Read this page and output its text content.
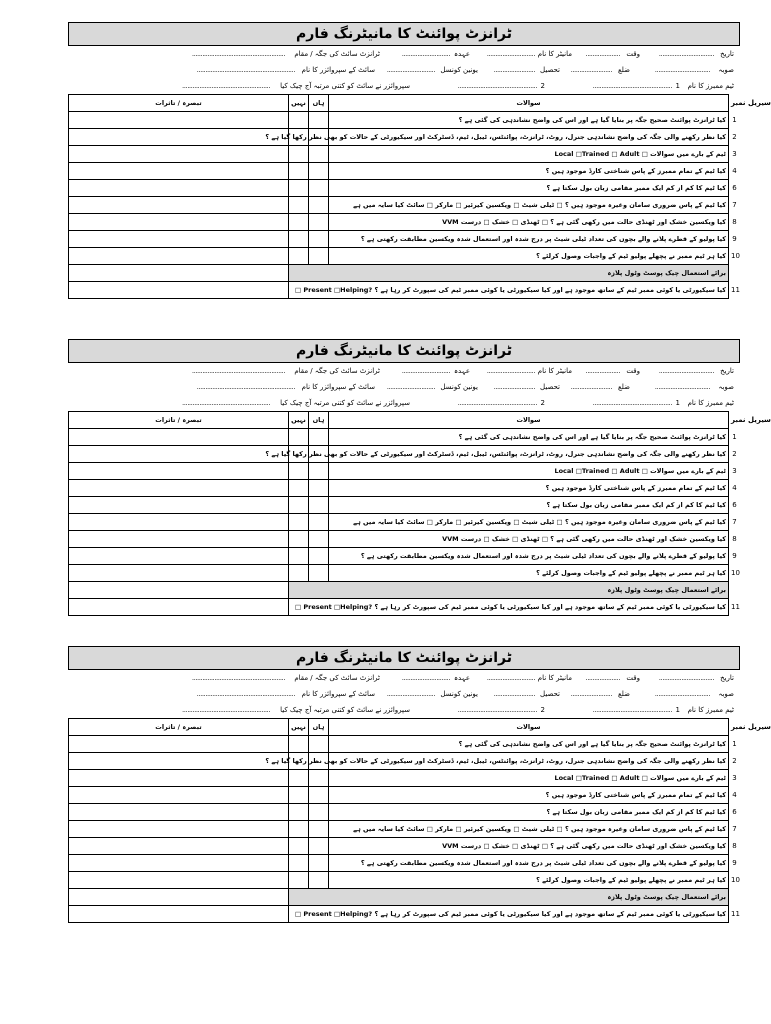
ٹرانزٹ پوائنٹ کا مانیٹرنگ فارم
تاریخ
................................
وقت
....................
مانیٹر کا نام
............................
عہدہ
............................
ٹرانزٹ سائٹ کی جگہ / مقام
......................................................
صوبہ
................................
ضلع
........................
تحصیل
........................
یونین کونسل
............................
سائٹ کے سپروائزر کا نام
.........................................................
ٹیم ممبرز کا نام
1
..............................................
2
..............................................
سپروائزر نے سائٹ کو کتنی مرتبہ آج چیک کیا
...................................................
تبصرہ / تاثرات	نہیں	ہاں	سوالات	سیریل نمبر
			کیا ٹرانزٹ پوائنٹ صحیح جگہ پر بنایا گیا ہے اور اس کی واضح نشاندہی کی گئی ہے ؟	1
			کیا نظر رکھنے والی جگہ کی واضح نشاندہی جنرل، روٹ، ٹرانزٹ، پوائنٹس، ٹیبل، ٹیم، ڈسٹرکٹ اور سیکیورٹی کے حالات کو بھی نظر رکھا گیا ہے ؟	2
			ٹیم کے بارے میں سوالات Local □Trained □ Adult □	3
			کیا ٹیم کے تمام ممبرز کے پاس شناختی کارڈ موجود ہیں ؟	4
			کیا ٹیم کا کم از کم ایک ممبر مقامی زبان بول سکتا ہے ؟	6
			کیا ٹیم کے پاس ضروری سامان وغیرہ موجود ہیں ؟ □ ٹیلی شیٹ □ ویکسین کیرئیر □ مارکر □ سائٹ کیا سایہ میں ہے	7
			کیا ویکسین خشک اور ٹھنڈی حالت میں رکھی گئی ہے ؟ □ ٹھنڈی □ خشک □ درست VVM	8
			کیا پولیو کے قطرے پلانے والے بچوں کی تعداد ٹیلی شیٹ پر درج شدہ اور استعمال شدہ ویکسین مطابقت رکھتی ہے ؟	9
			کیا ہر ٹیم ممبر نے پچھلے پولیو ٹیم کے واجبات وصول کرلئے ؟	10
	برائے استعمال چیک پوسٹ وٹول پلازہ			
	کیا سیکیورٹی یا کوئی ممبر ٹیم کے ساتھ موجود ہے اور کیا سیکیورٹی یا کوئی ممبر ٹیم کی سپورٹ کر رہا ہے ؟ □ Present □Helping?			11
ٹرانزٹ پوائنٹ کا مانیٹرنگ فارم
تاریخ
................................
وقت
....................
مانیٹر کا نام
............................
عہدہ
............................
ٹرانزٹ سائٹ کی جگہ / مقام
......................................................
صوبہ
................................
ضلع
........................
تحصیل
........................
یونین کونسل
............................
سائٹ کے سپروائزر کا نام
.........................................................
ٹیم ممبرز کا نام
1
..............................................
2
..............................................
سپروائزر نے سائٹ کو کتنی مرتبہ آج چیک کیا
...................................................
تبصرہ / تاثرات	نہیں	ہاں	سوالات	سیریل نمبر
			کیا ٹرانزٹ پوائنٹ صحیح جگہ پر بنایا گیا ہے اور اس کی واضح نشاندہی کی گئی ہے ؟	1
			کیا نظر رکھنے والی جگہ کی واضح نشاندہی جنرل، روٹ، ٹرانزٹ، پوائنٹس، ٹیبل، ٹیم، ڈسٹرکٹ اور سیکیورٹی کے حالات کو بھی نظر رکھا گیا ہے ؟	2
			ٹیم کے بارے میں سوالات Local □Trained □ Adult □	3
			کیا ٹیم کے تمام ممبرز کے پاس شناختی کارڈ موجود ہیں ؟	4
			کیا ٹیم کا کم از کم ایک ممبر مقامی زبان بول سکتا ہے ؟	6
			کیا ٹیم کے پاس ضروری سامان وغیرہ موجود ہیں ؟ □ ٹیلی شیٹ □ ویکسین کیرئیر □ مارکر □ سائٹ کیا سایہ میں ہے	7
			کیا ویکسین خشک اور ٹھنڈی حالت میں رکھی گئی ہے ؟ □ ٹھنڈی □ خشک □ درست VVM	8
			کیا پولیو کے قطرے پلانے والے بچوں کی تعداد ٹیلی شیٹ پر درج شدہ اور استعمال شدہ ویکسین مطابقت رکھتی ہے ؟	9
			کیا ہر ٹیم ممبر نے پچھلے پولیو ٹیم کے واجبات وصول کرلئے ؟	10
	برائے استعمال چیک پوسٹ وٹول پلازہ			
	کیا سیکیورٹی یا کوئی ممبر ٹیم کے ساتھ موجود ہے اور کیا سیکیورٹی یا کوئی ممبر ٹیم کی سپورٹ کر رہا ہے ؟ □ Present □Helping?			11
ٹرانزٹ پوائنٹ کا مانیٹرنگ فارم
تاریخ
................................
وقت
....................
مانیٹر کا نام
............................
عہدہ
............................
ٹرانزٹ سائٹ کی جگہ / مقام
......................................................
صوبہ
................................
ضلع
........................
تحصیل
........................
یونین کونسل
............................
سائٹ کے سپروائزر کا نام
.........................................................
ٹیم ممبرز کا نام
1
..............................................
2
..............................................
سپروائزر نے سائٹ کو کتنی مرتبہ آج چیک کیا
...................................................
تبصرہ / تاثرات	نہیں	ہاں	سوالات	سیریل نمبر
			کیا ٹرانزٹ پوائنٹ صحیح جگہ پر بنایا گیا ہے اور اس کی واضح نشاندہی کی گئی ہے ؟	1
			کیا نظر رکھنے والی جگہ کی واضح نشاندہی جنرل، روٹ، ٹرانزٹ، پوائنٹس، ٹیبل، ٹیم، ڈسٹرکٹ اور سیکیورٹی کے حالات کو بھی نظر رکھا گیا ہے ؟	2
			ٹیم کے بارے میں سوالات Local □Trained □ Adult □	3
			کیا ٹیم کے تمام ممبرز کے پاس شناختی کارڈ موجود ہیں ؟	4
			کیا ٹیم کا کم از کم ایک ممبر مقامی زبان بول سکتا ہے ؟	6
			کیا ٹیم کے پاس ضروری سامان وغیرہ موجود ہیں ؟ □ ٹیلی شیٹ □ ویکسین کیرئیر □ مارکر □ سائٹ کیا سایہ میں ہے	7
			کیا ویکسین خشک اور ٹھنڈی حالت میں رکھی گئی ہے ؟ □ ٹھنڈی □ خشک □ درست VVM	8
			کیا پولیو کے قطرے پلانے والے بچوں کی تعداد ٹیلی شیٹ پر درج شدہ اور استعمال شدہ ویکسین مطابقت رکھتی ہے ؟	9
			کیا ہر ٹیم ممبر نے پچھلے پولیو ٹیم کے واجبات وصول کرلئے ؟	10
	برائے استعمال چیک پوسٹ وٹول پلازہ			
	کیا سیکیورٹی یا کوئی ممبر ٹیم کے ساتھ موجود ہے اور کیا سیکیورٹی یا کوئی ممبر ٹیم کی سپورٹ کر رہا ہے ؟ □ Present □Helping?			11
